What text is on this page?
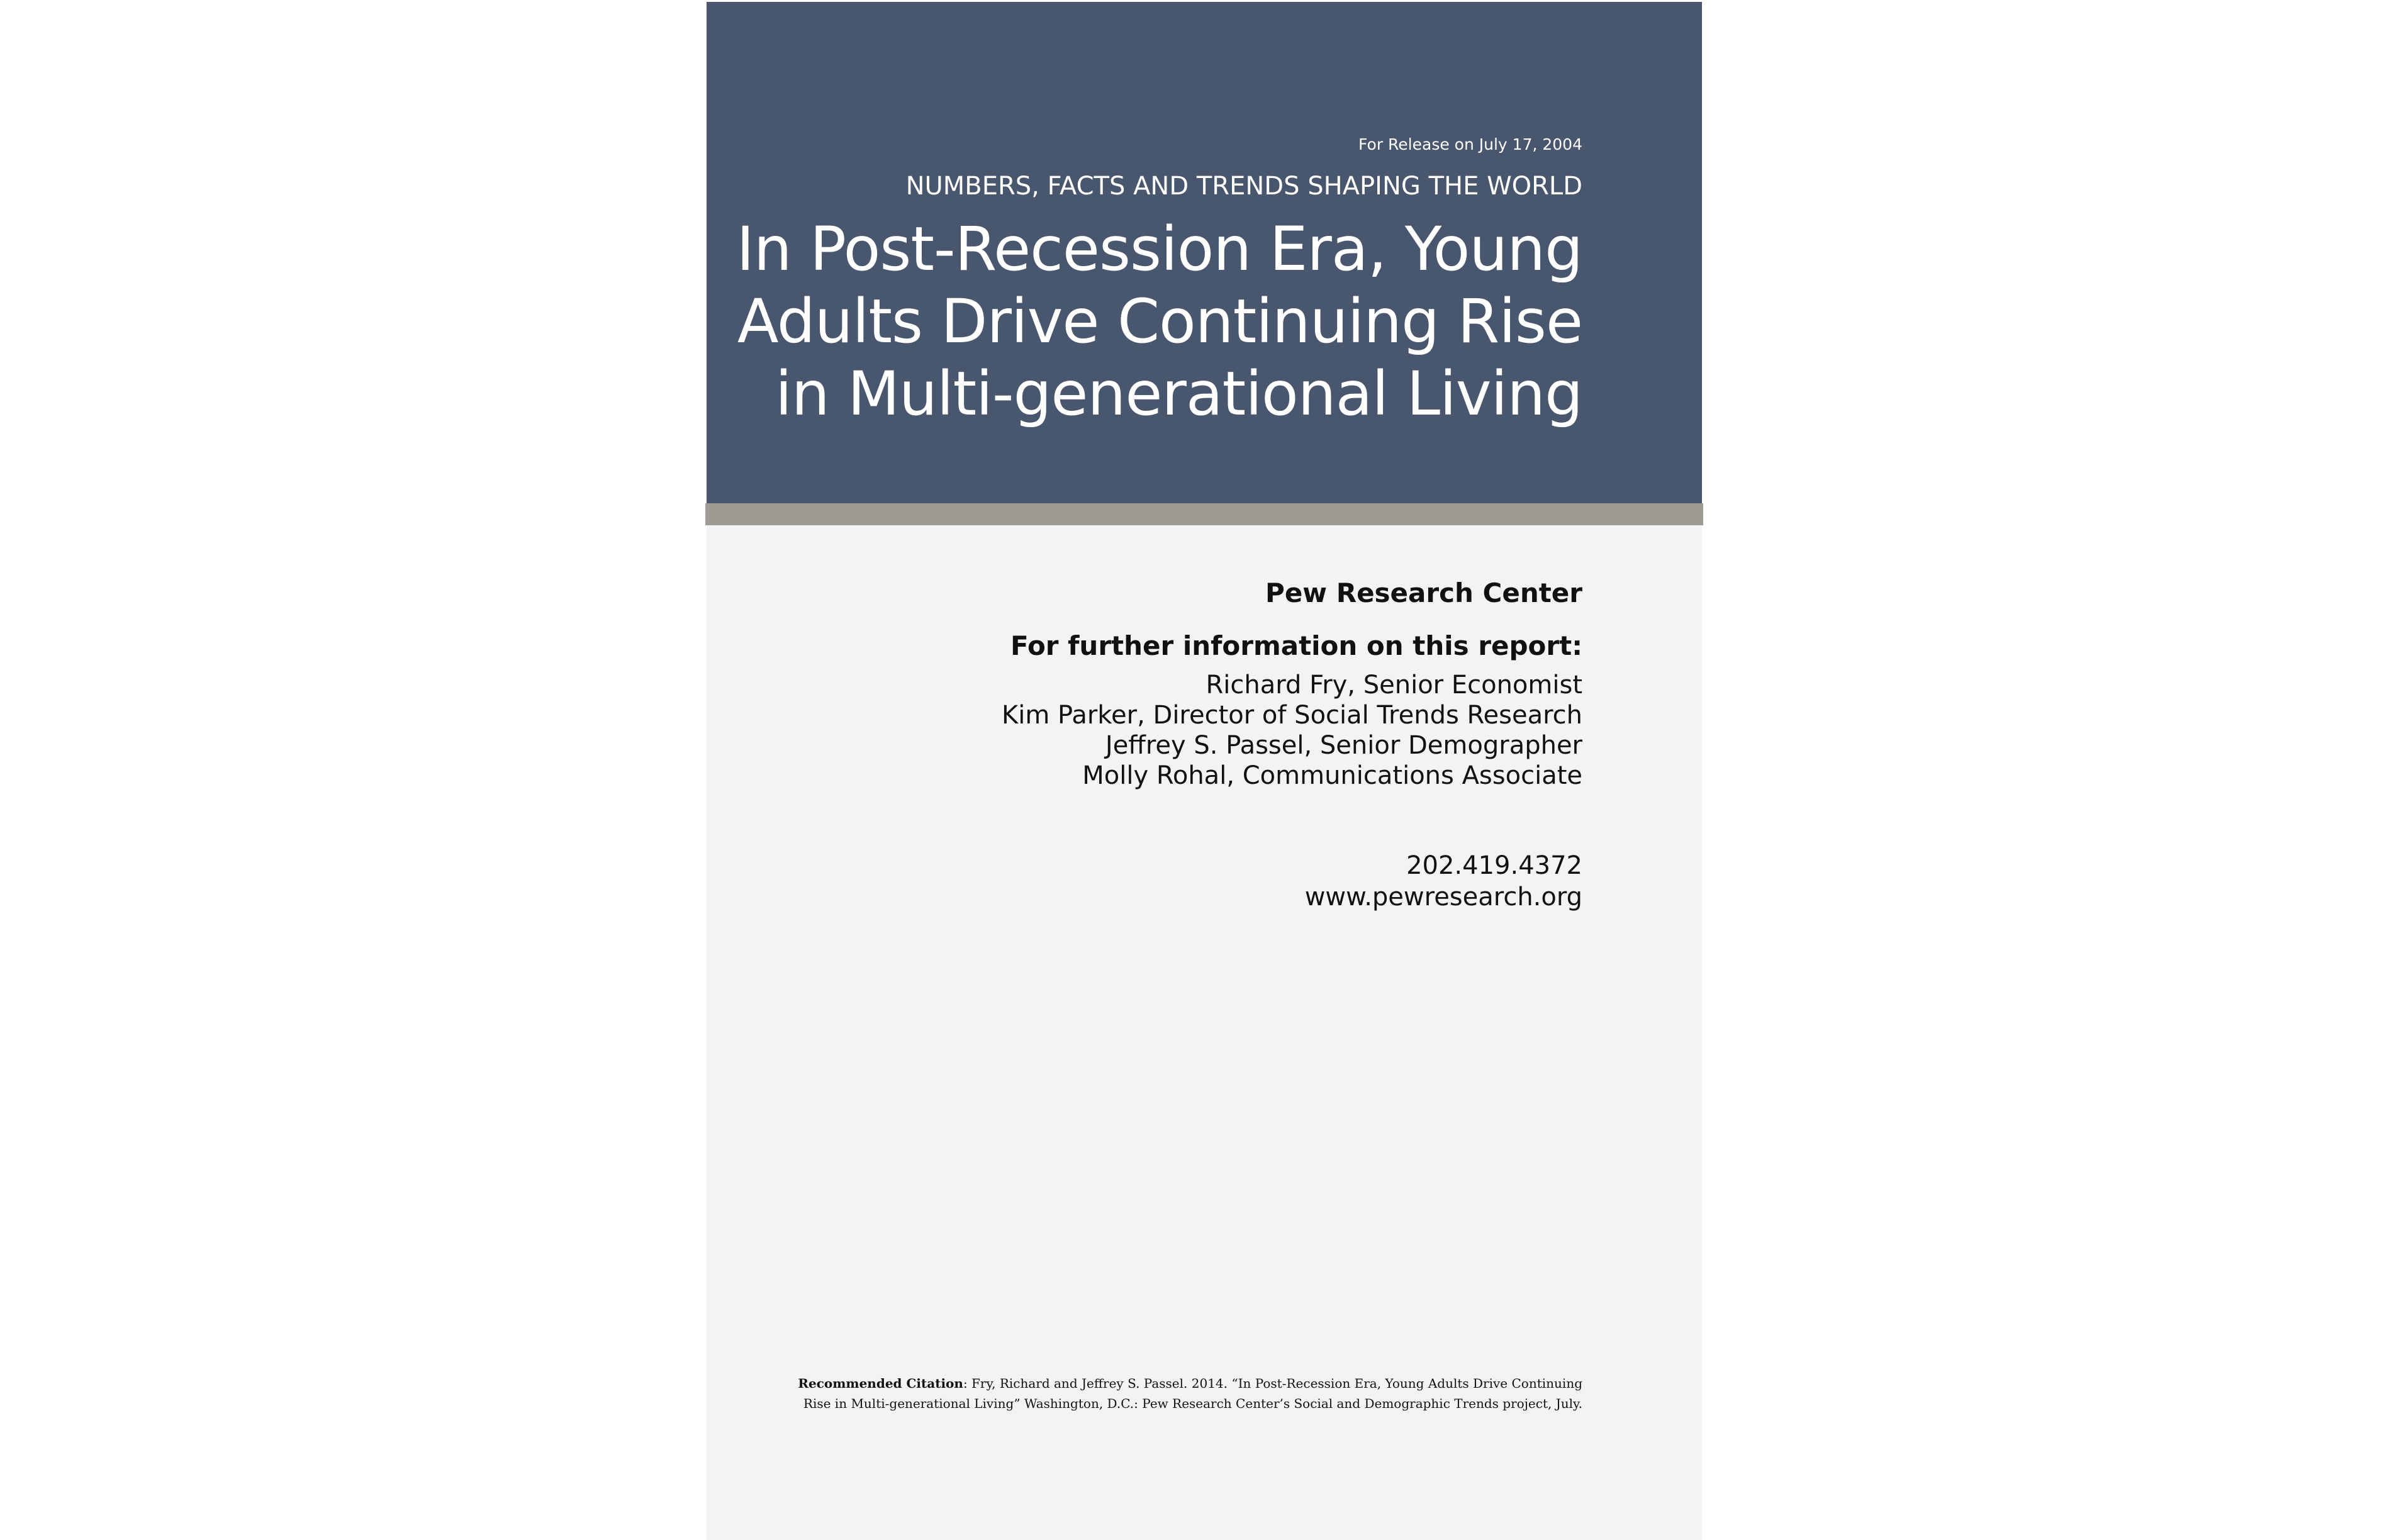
For Release on July 17, 2004
NUMBERS, FACTS AND TRENDS SHAPING THE WORLD
In Post-Recession Era, Young
Adults Drive Continuing Rise
in Multi-generational Living
Pew Research Center
For further information on this report:
Richard Fry, Senior Economist
Kim Parker, Director of Social Trends Research
Jeffrey S. Passel, Senior Demographer
Molly Rohal, Communications Associate
202.419.4372
www.pewresearch.org
Recommended Citation: Fry, Richard and Jeffrey S. Passel. 2014. “In Post-Recession Era, Young Adults Drive Continuing
Rise in Multi-generational Living” Washington, D.C.: Pew Research Center’s Social and Demographic Trends project, July.
